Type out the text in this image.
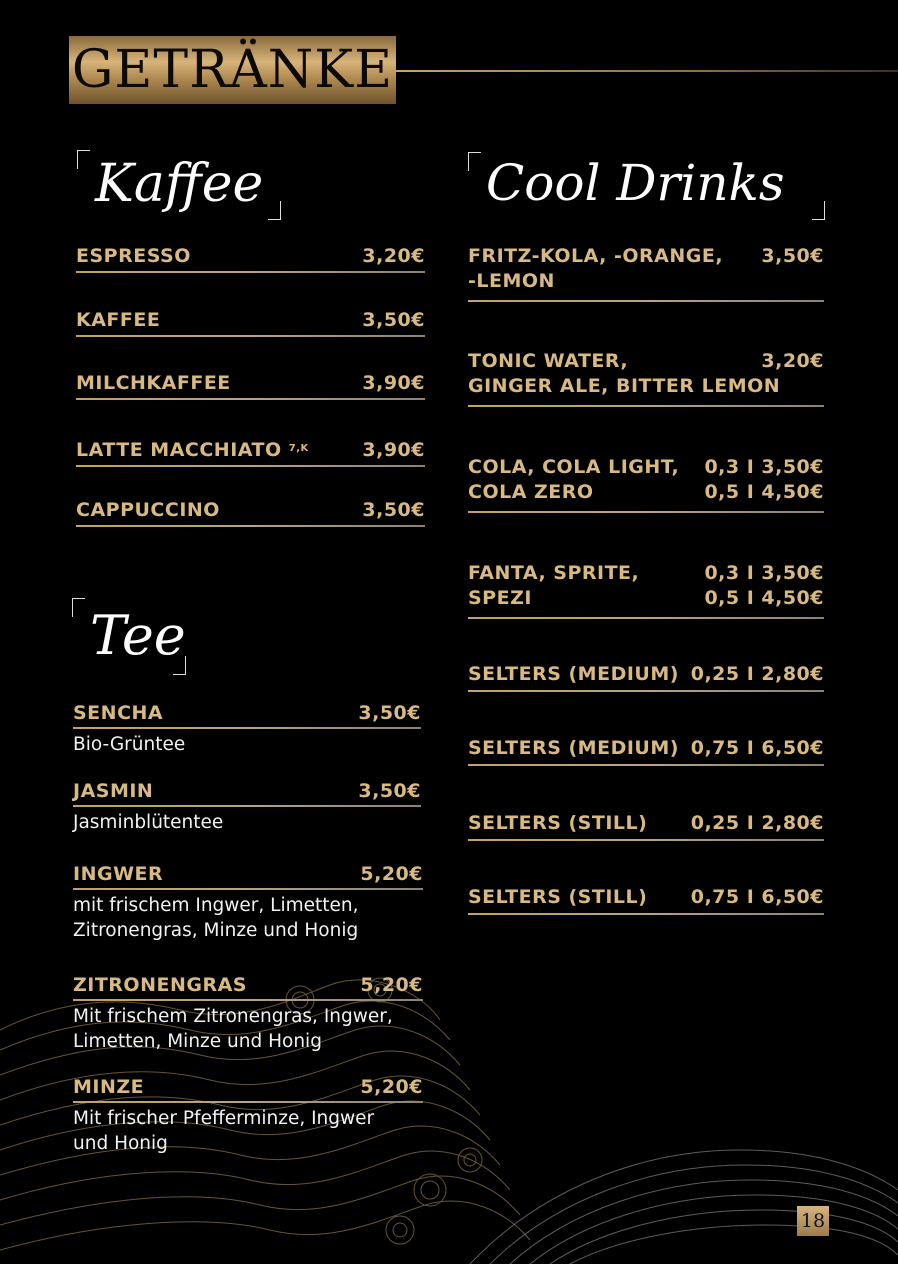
GETRÄNKE
Kaffee
ESPRESSO	3,20€
KAFFEE	3,50€
MILCHKAFFEE	3,90€
LATTE MACCHIATO $^{7,K}$	3,90€
CAPPUCCINO	3,50€
Tee
SENCHA	3,50€
Bio-Grüntee
JASMIN	3,50€
Jasminblütentee
INGWER	5,20€
mit frischem Ingwer, Limetten,
Zitronengras, Minze und Honig
ZITRONENGRAS	5,20€
Mit frischem Zitronengras, Ingwer,
Limetten, Minze und Honig
MINZE	5,20€
Mit frischer Pfefferminze, Ingwer
und Honig
Cool Drinks
FRITZ-KOLA, -ORANGE, 3,50€
-LEMON
TONIC WATER,	3,20€
GINGER ALE, BITTER LEMON
COLA, COLA LIGHT, 0,3 I 3,50€
COLA ZERO	0,5 I 4,50€
FANTA, SPRITE,	0,3 I 3,50€
SPEZI	0,5 I 4,50€
SELTERS (MEDIUM) 0,25 I 2,80€
SELTERS (MEDIUM) 0,75 I 6,50€
SELTERS (STILL) 0,25 I 2,80€
SELTERS (STILL) 0,75 I 6,50€
18
